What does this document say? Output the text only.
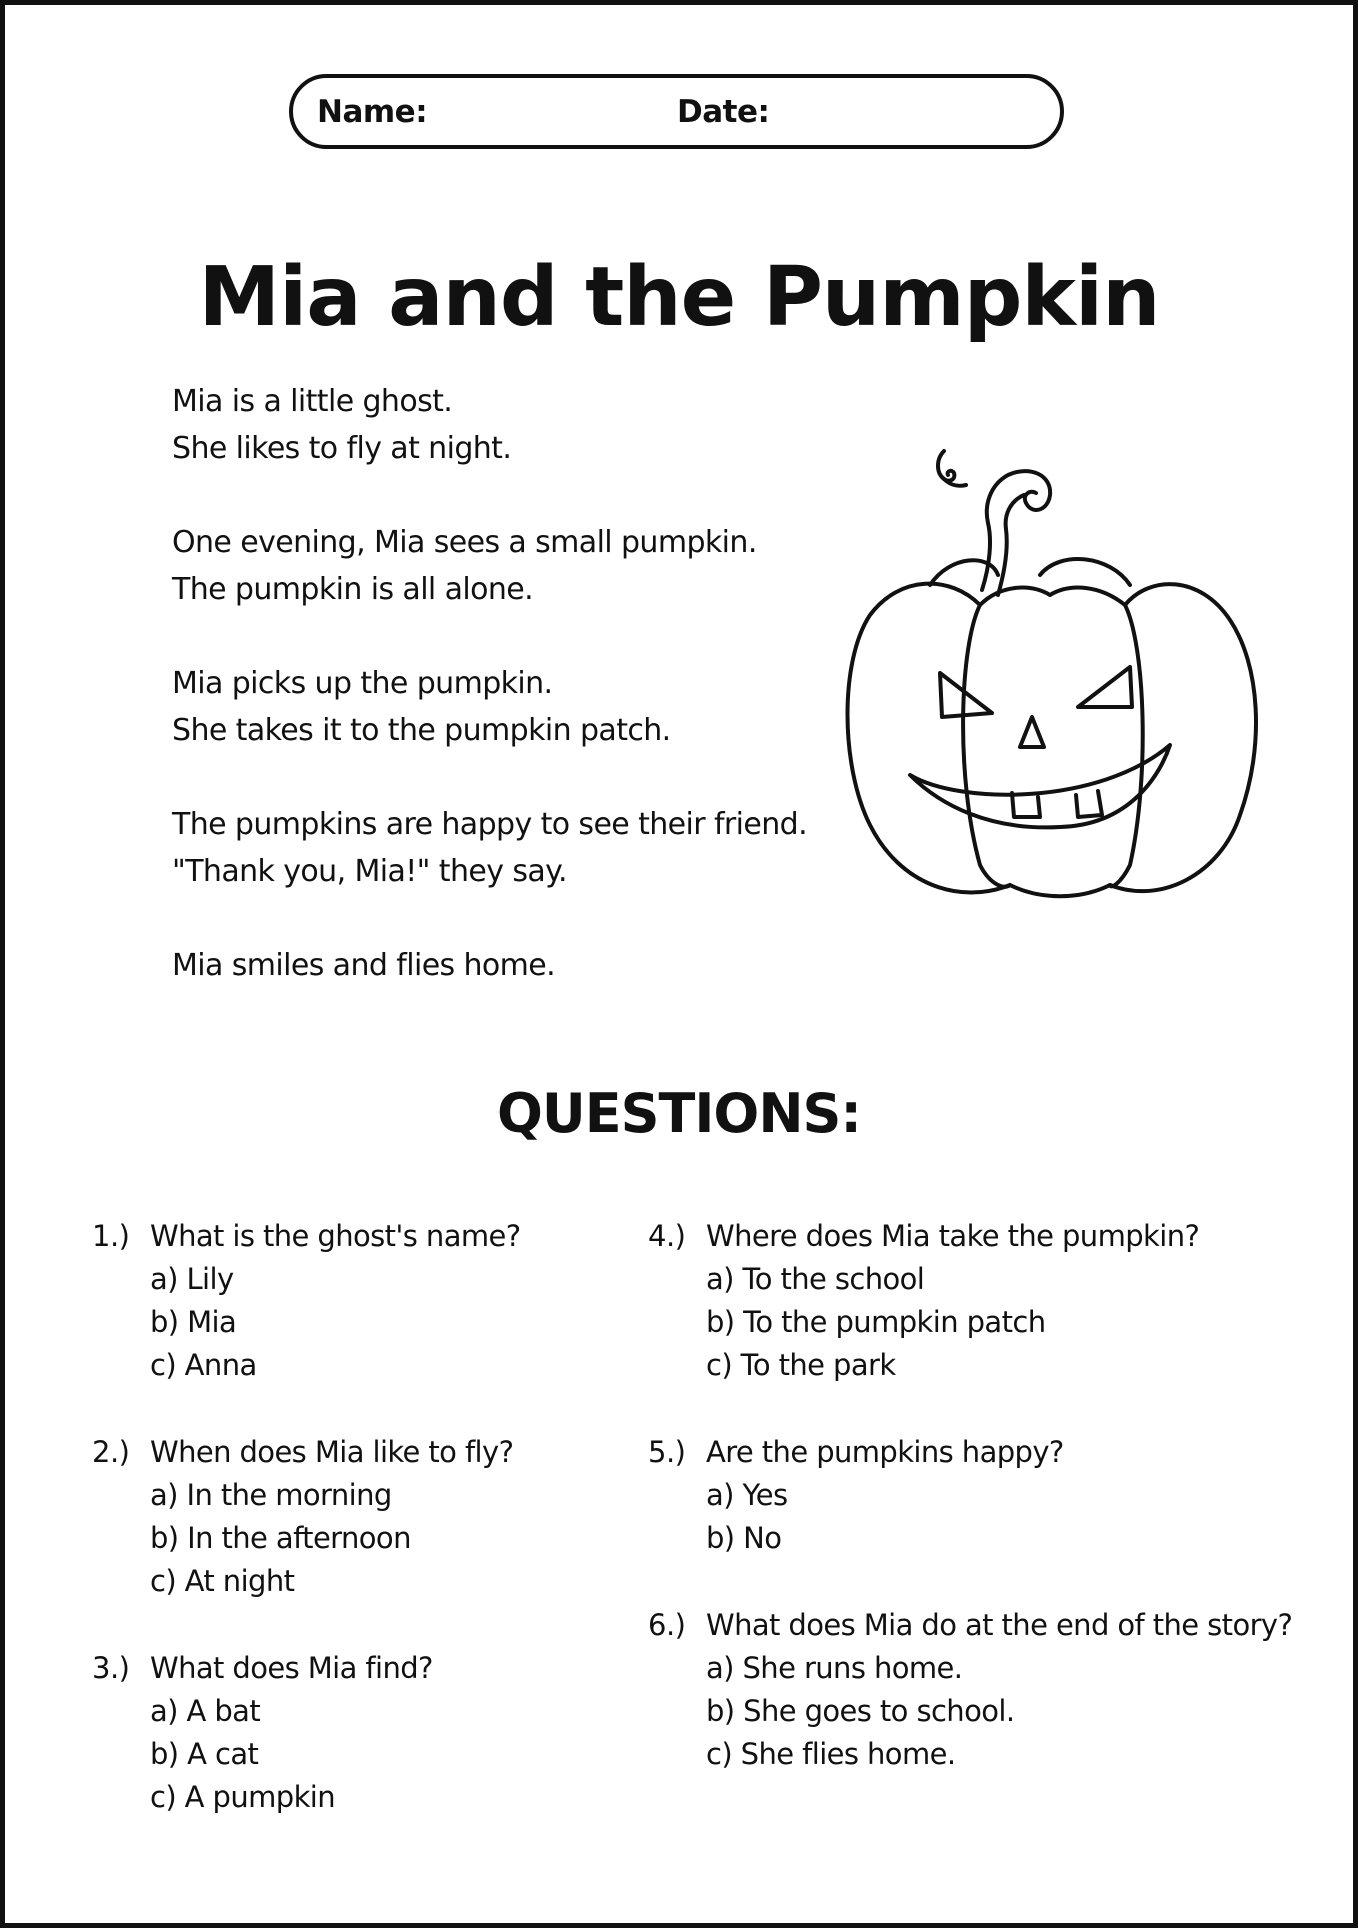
Name:	Date:
Mia and the Pumpkin

Mia is a little ghost.
She likes to fly at night.

One evening, Mia sees a small pumpkin.
The pumpkin is all alone.

Mia picks up the pumpkin.
She takes it to the pumpkin patch.

The pumpkins are happy to see their friend.
"Thank you, Mia!" they say.

Mia smiles and flies home.

QUESTIONS:
1.) What is the ghost's name?
a) Lily
b) Mia
c) Anna
2.) When does Mia like to fly?
a) In the morning
b) In the afternoon
c) At night
3.) What does Mia find?
a) A bat
b) A cat
c) A pumpkin
4.) Where does Mia take the pumpkin?
a) To the school
b) To the pumpkin patch
c) To the park
5.) Are the pumpkins happy?
a) Yes
b) No
6.) What does Mia do at the end of the story?
a) She runs home.
b) She goes to school.
c) She flies home.
